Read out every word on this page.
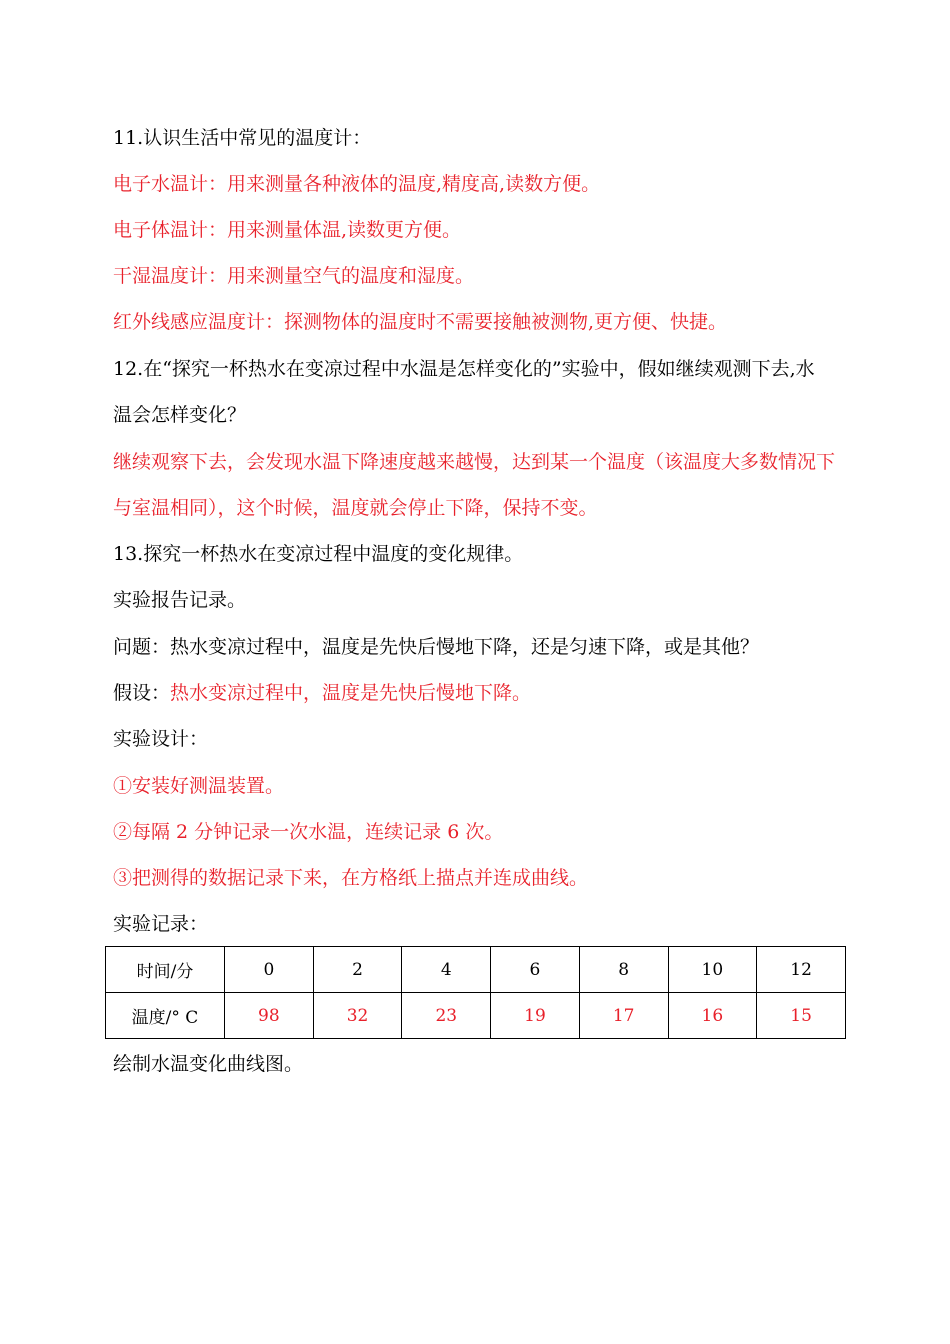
11.认识生活中常见的温度计：
电子水温计：用来测量各种液体的温度,精度高,读数方便。
电子体温计：用来测量体温,读数更方便。
干湿温度计：用来测量空气的温度和湿度。
红外线感应温度计：探测物体的温度时不需要接触被测物,更方便、快捷。
12.在“探究一杯热水在变凉过程中水温是怎样变化的”实验中，假如继续观测下去,水
温会怎样变化？
继续观察下去，会发现水温下降速度越来越慢，达到某一个温度（该温度大多数情况下
与室温相同），这个时候，温度就会停止下降，保持不变。
13.探究一杯热水在变凉过程中温度的变化规律。
实验报告记录。
问题：热水变凉过程中，温度是先快后慢地下降，还是匀速下降，或是其他？
假设：热水变凉过程中，温度是先快后慢地下降。
实验设计：
①安装好测温装置。
②每隔 2 分钟记录一次水温，连续记录 6 次。
③把测得的数据记录下来，在方格纸上描点并连成曲线。
实验记录：
时间/分	0	2	4	6	8	10	12
温度/° C	98	32	23	19	17	16	15
绘制水温变化曲线图。
